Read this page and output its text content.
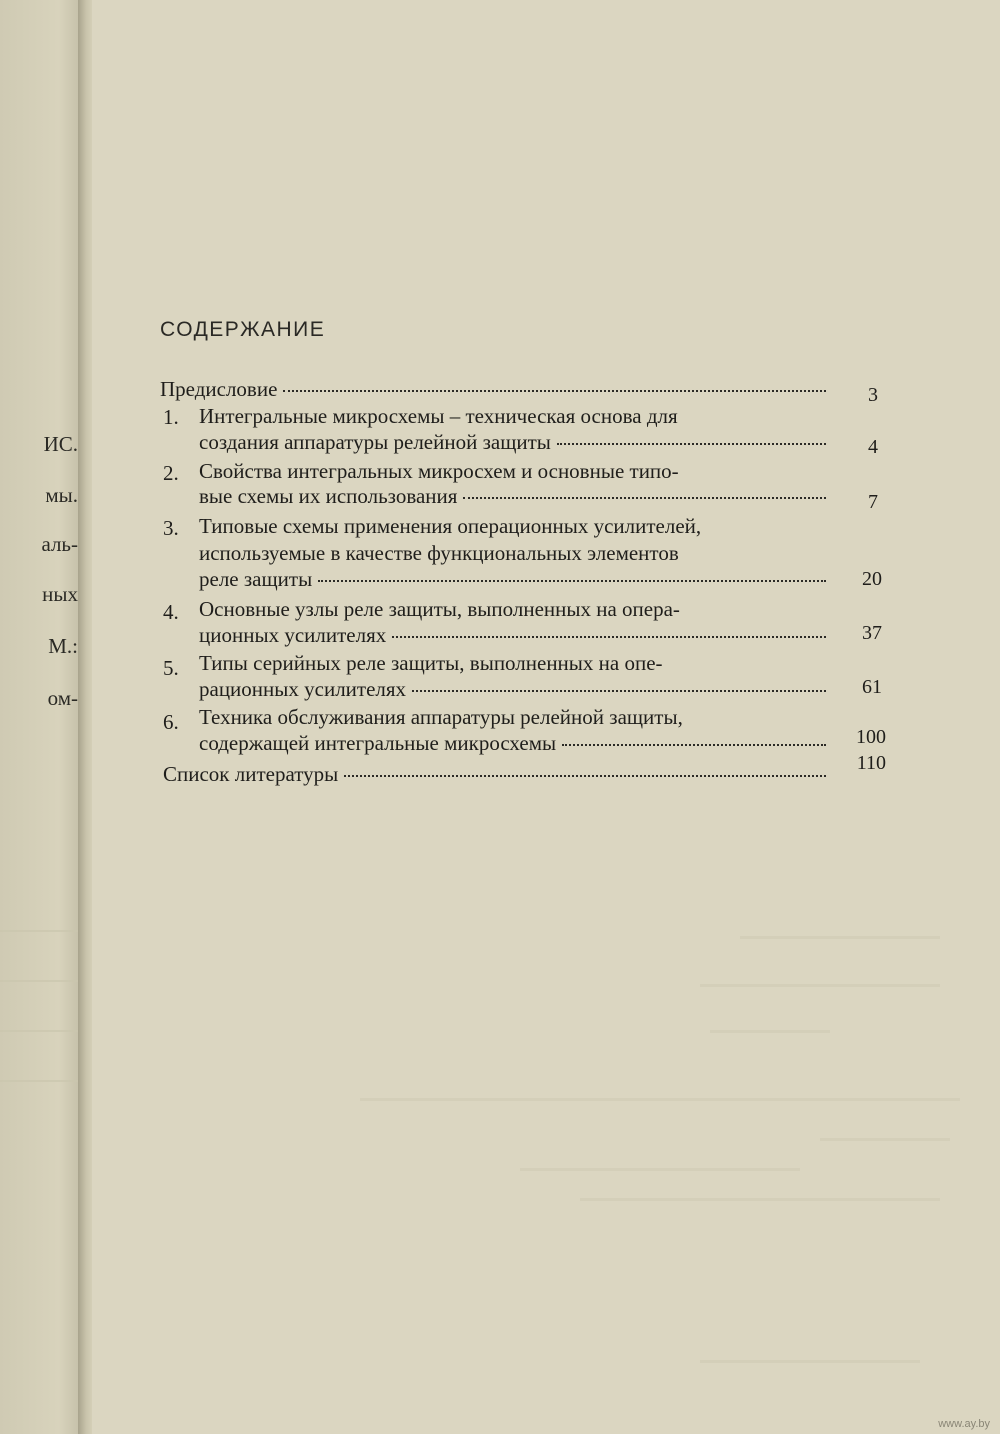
ИС.
мы.
аль-
ных
М.:
ом-
СОДЕРЖАНИЕ
Предисловие	3
1. Интегральные микросхемы – техническая основа для
создания аппаратуры релейной защиты	4
2. Свойства интегральных микросхем и основные типо-
вые схемы их использования	7
3. Типовые схемы применения операционных усилителей,
используемые в качестве функциональных элементов
реле защиты	20
4. Основные узлы реле защиты, выполненных на опера-
ционных усилителях	37
5. Типы серийных реле защиты, выполненных на опе-
рационных усилителях	61
6. Техника обслуживания аппаратуры релейной защиты,
содержащей интегральные микросхемы	100
Список литературы	110
www.ay.by
